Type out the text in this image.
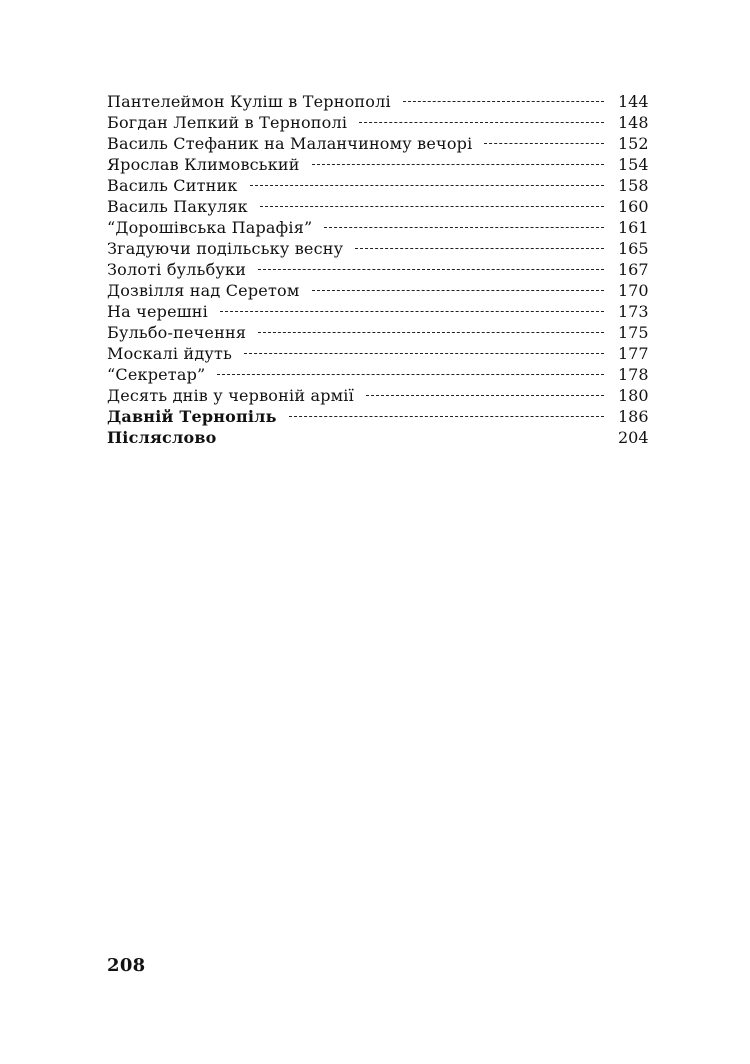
Пантелеймон Куліш в Тернополі	144
Богдан Лепкий в Тернополі	148
Василь Стефаник на Маланчиному вечорі	152
Ярослав Климовський	154
Василь Ситник	158
Василь Пакуляк	160
“Дорошівська Парафія”	161
Згадуючи подільську весну	165
Золоті бульбуки	167
Дозвілля над Серетом	170
На черешні	173
Бульбо-печення	175
Москалі йдуть	177
“Секретар”	178
Десять днів у червоній армії	180
Давній Тернопіль	186
Післяслово	204
208
